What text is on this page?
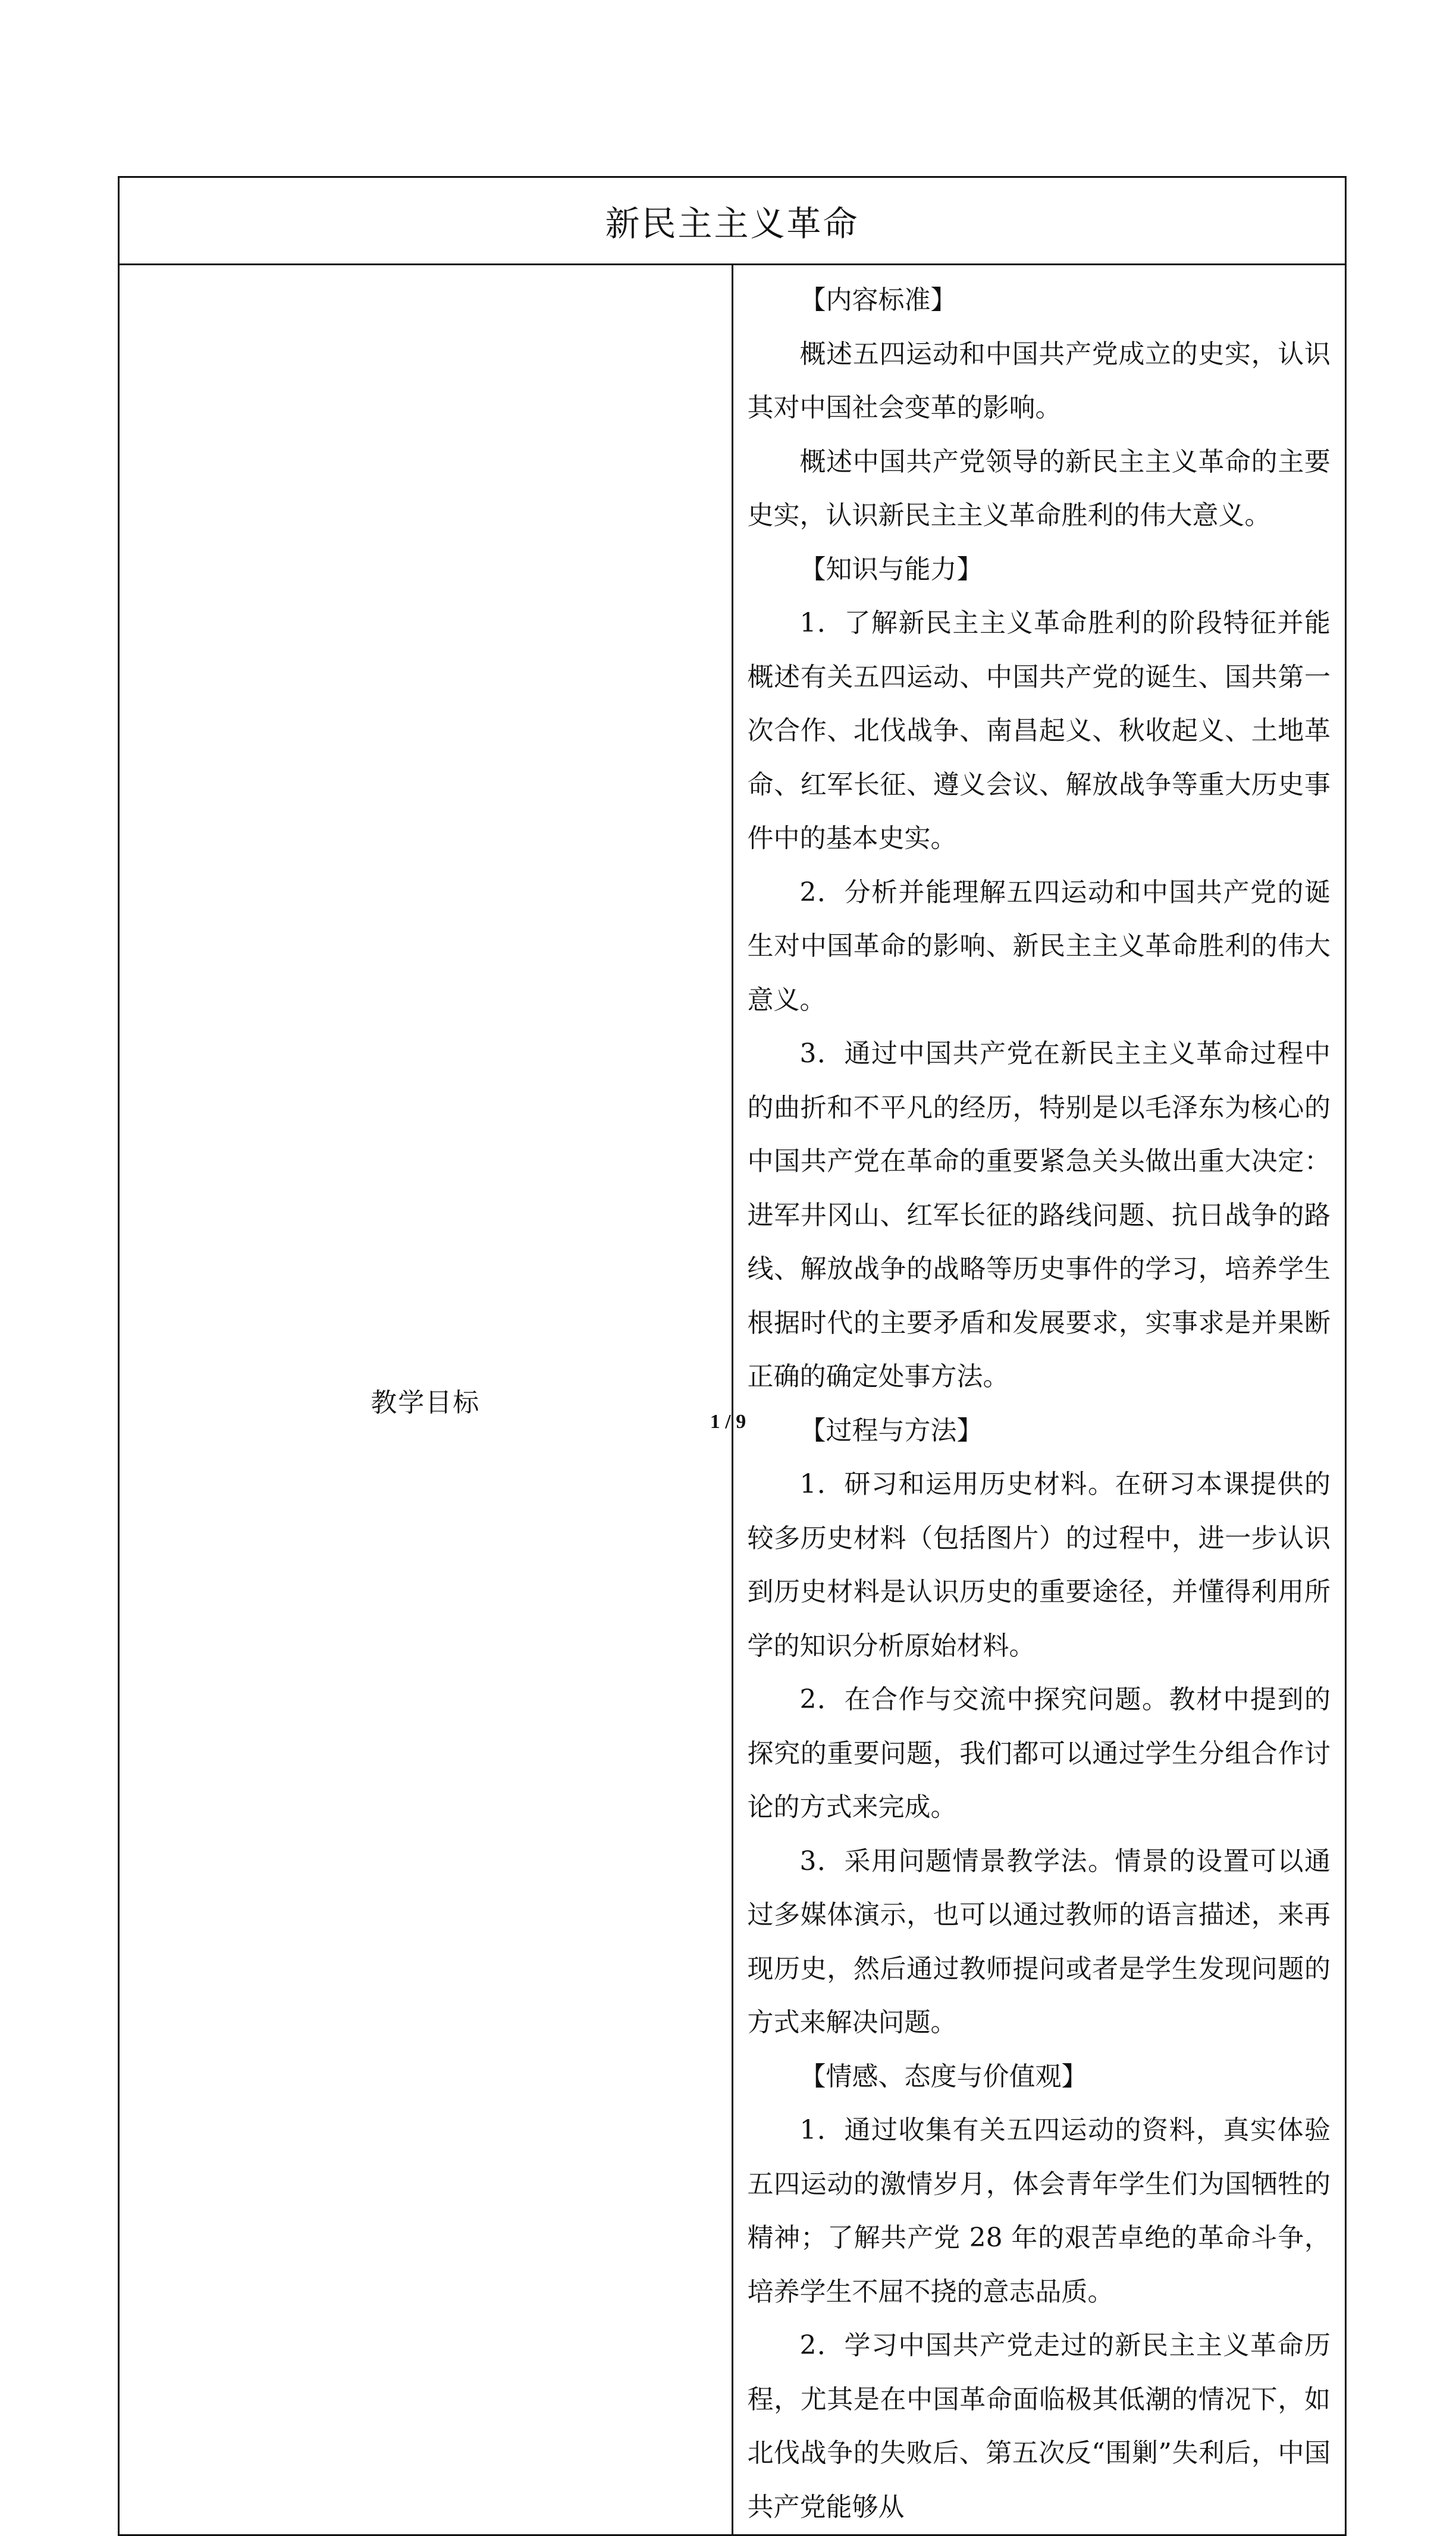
新民主主义革命
教学目标	

【内容标准】

概述五四运动和中国共产党成立的史实，认识其对中国社会变革的影响。

概述中国共产党领导的新民主主义革命的主要史实，认识新民主主义革命胜利的伟大意义。

【知识与能力】

1．了解新民主主义革命胜利的阶段特征并能概述有关五四运动、中国共产党的诞生、国共第一次合作、北伐战争、南昌起义、秋收起义、土地革命、红军长征、遵义会议、解放战争等重大历史事件中的基本史实。

2．分析并能理解五四运动和中国共产党的诞生对中国革命的影响、新民主主义革命胜利的伟大意义。

3．通过中国共产党在新民主主义革命过程中的曲折和不平凡的经历，特别是以毛泽东为核心的中国共产党在革命的重要紧急关头做出重大决定：进军井冈山、红军长征的路线问题、抗日战争的路线、解放战争的战略等历史事件的学习，培养学生根据时代的主要矛盾和发展要求，实事求是并果断正确的确定处事方法。

【过程与方法】

1．研习和运用历史材料。在研习本课提供的较多历史材料（包括图片）的过程中，进一步认识到历史材料是认识历史的重要途径，并懂得利用所学的知识分析原始材料。

2．在合作与交流中探究问题。教材中提到的探究的重要问题，我们都可以通过学生分组合作讨论的方式来完成。

3．采用问题情景教学法。情景的设置可以通过多媒体演示，也可以通过教师的语言描述，来再现历史，然后通过教师提问或者是学生发现问题的方式来解决问题。

【情感、态度与价值观】

1．通过收集有关五四运动的资料，真实体验五四运动的激情岁月，体会青年学生们为国牺牲的精神；了解共产党 28 年的艰苦卓绝的革命斗争，培养学生不屈不挠的意志品质。

2．学习中国共产党走过的新民主主义革命历程，尤其是在中国革命面临极其低潮的情况下，如北伐战争的失败后、第五次反“围剿”失利后，中国共产党能够从

1 / 9
